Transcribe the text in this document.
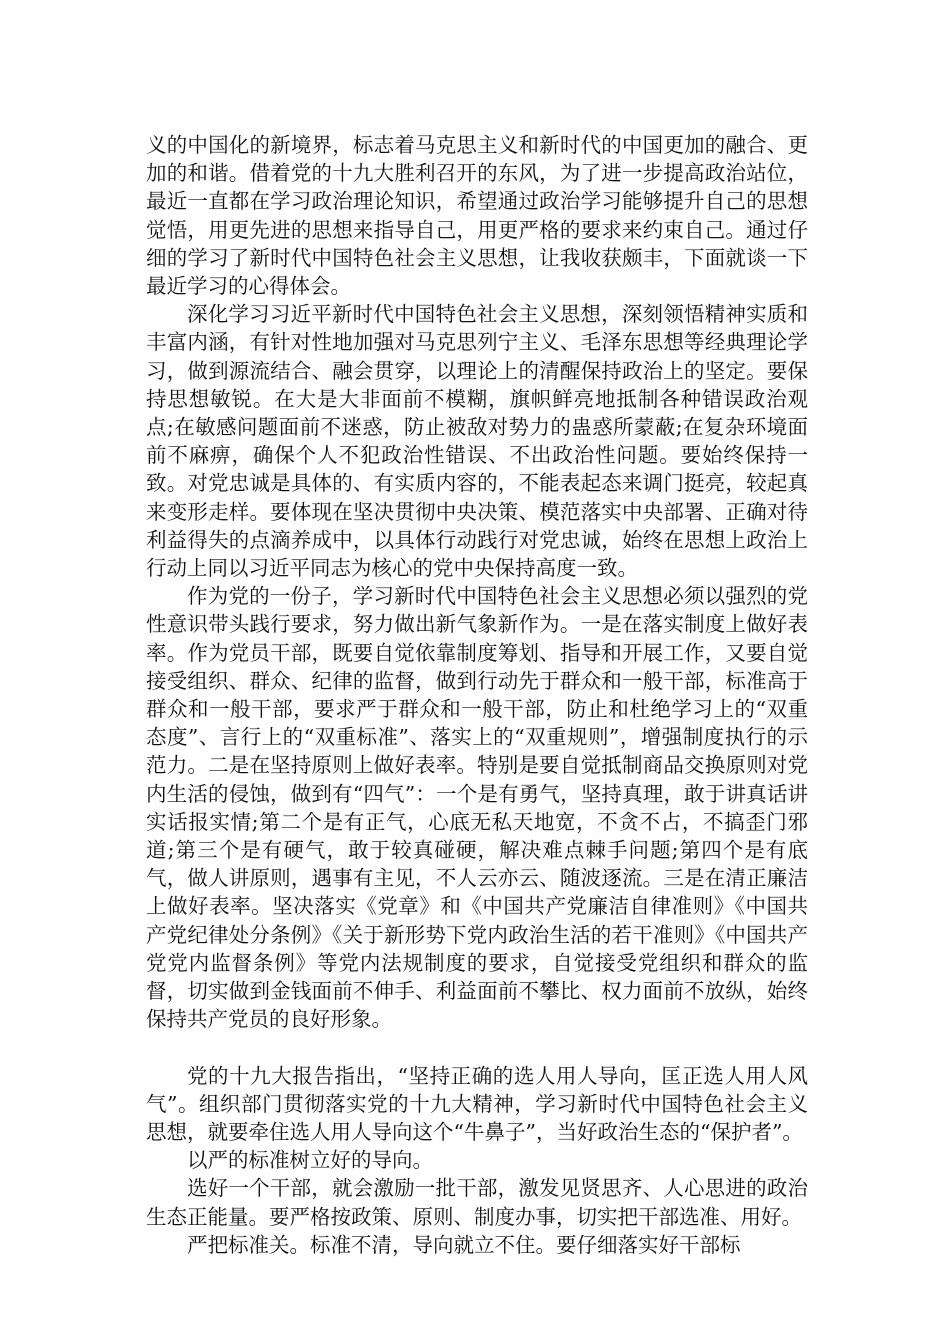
义的中国化的新境界，标志着马克思主义和新时代的中国更加的融合、更加的和谐。借着党的十九大胜利召开的东风，为了进一步提高政治站位，最近一直都在学习政治理论知识，希望通过政治学习能够提升自己的思想觉悟，用更先进的思想来指导自己，用更严格的要求来约束自己。通过仔细的学习了新时代中国特色社会主义思想，让我收获颇丰，下面就谈一下最近学习的心得体会。

深化学习习近平新时代中国特色社会主义思想，深刻领悟精神实质和丰富内涵，有针对性地加强对马克思列宁主义、毛泽东思想等经典理论学习，做到源流结合、融会贯穿，以理论上的清醒保持政治上的坚定。要保持思想敏锐。在大是大非面前不模糊，旗帜鲜亮地抵制各种错误政治观点;在敏感问题面前不迷惑，防止被敌对势力的蛊惑所蒙蔽;在复杂环境面前不麻痹，确保个人不犯政治性错误、不出政治性问题。要始终保持一致。对党忠诚是具体的、有实质内容的，不能表起态来调门挺亮，较起真来变形走样。要体现在坚决贯彻中央决策、模范落实中央部署、正确对待利益得失的点滴养成中，以具体行动践行对党忠诚，始终在思想上政治上行动上同以习近平同志为核心的党中央保持高度一致。

作为党的一份子，学习新时代中国特色社会主义思想必须以强烈的党性意识带头践行要求，努力做出新气象新作为。一是在落实制度上做好表率。作为党员干部，既要自觉依靠制度筹划、指导和开展工作，又要自觉接受组织、群众、纪律的监督，做到行动先于群众和一般干部，标准高于群众和一般干部，要求严于群众和一般干部，防止和杜绝学习上的“双重态度”、言行上的“双重标准”、落实上的“双重规则”，增强制度执行的示范力。二是在坚持原则上做好表率。特别是要自觉抵制商品交换原则对党内生活的侵蚀，做到有“四气”：一个是有勇气，坚持真理，敢于讲真话讲实话报实情;第二个是有正气，心底无私天地宽，不贪不占，不搞歪门邪道;第三个是有硬气，敢于较真碰硬，解决难点棘手问题;第四个是有底气，做人讲原则，遇事有主见，不人云亦云、随波逐流。三是在清正廉洁上做好表率。坚决落实《党章》和《中国共产党廉洁自律准则》《中国共产党纪律处分条例》《关于新形势下党内政治生活的若干准则》《中国共产党党内监督条例》等党内法规制度的要求，自觉接受党组织和群众的监督，切实做到金钱面前不伸手、利益面前不攀比、权力面前不放纵，始终保持共产党员的良好形象。

党的十九大报告指出，“坚持正确的选人用人导向，匡正选人用人风气”。组织部门贯彻落实党的十九大精神，学习新时代中国特色社会主义思想，就要牵住选人用人导向这个“牛鼻子”，当好政治生态的“保护者”。

以严的标准树立好的导向。

选好一个干部，就会激励一批干部，激发见贤思齐、人心思进的政治生态正能量。要严格按政策、原则、制度办事，切实把干部选准、用好。

严把标准关。标准不清，导向就立不住。要仔细落实好干部标
